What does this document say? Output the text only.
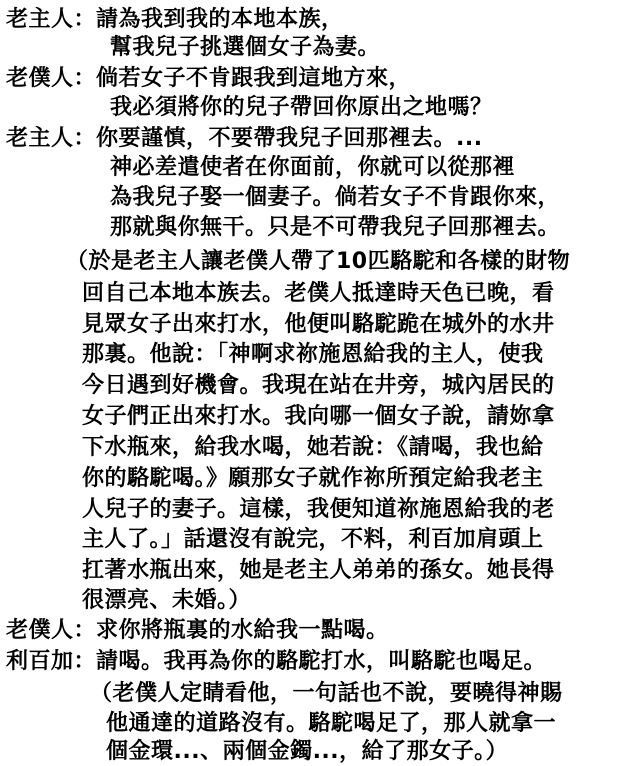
老主人：請為我到我的本地本族，
幫我兒子挑選個女子為妻。
老僕人：倘若女子不肯跟我到這地方來，
我必須將你的兒子帶回你原出之地嗎？
老主人：你要謹慎，不要帶我兒子回那裡去。...
神必差遣使者在你面前，你就可以從那裡
為我兒子娶一個妻子。倘若女子不肯跟你來，
那就與你無干。只是不可帶我兒子回那裡去。
（於是老主人讓老僕人帶了10匹駱駝和各樣的財物
回自己本地本族去。老僕人抵達時天色已晚，看
見眾女子出來打水，他便叫駱駝跪在城外的水井
那裏。他說：「神啊求祢施恩給我的主人，使我
今日遇到好機會。我現在站在井旁，城內居民的
女子們正出來打水。我向哪一個女子說，請妳拿
下水瓶來，給我水喝，她若說：《請喝，我也給
你的駱駝喝。》願那女子就作祢所預定給我老主
人兒子的妻子。這樣，我便知道祢施恩給我的老
主人了。」話還沒有說完，不料，利百加肩頭上
扛著水瓶出來，她是老主人弟弟的孫女。她長得
很漂亮、未婚。）
老僕人：求你將瓶裏的水給我一點喝。
利百加：請喝。我再為你的駱駝打水，叫駱駝也喝足。
（老僕人定睛看他，一句話也不說，要曉得神賜
他通達的道路沒有。駱駝喝足了，那人就拿一
個金環...、兩個金鐲...，給了那女子。）
